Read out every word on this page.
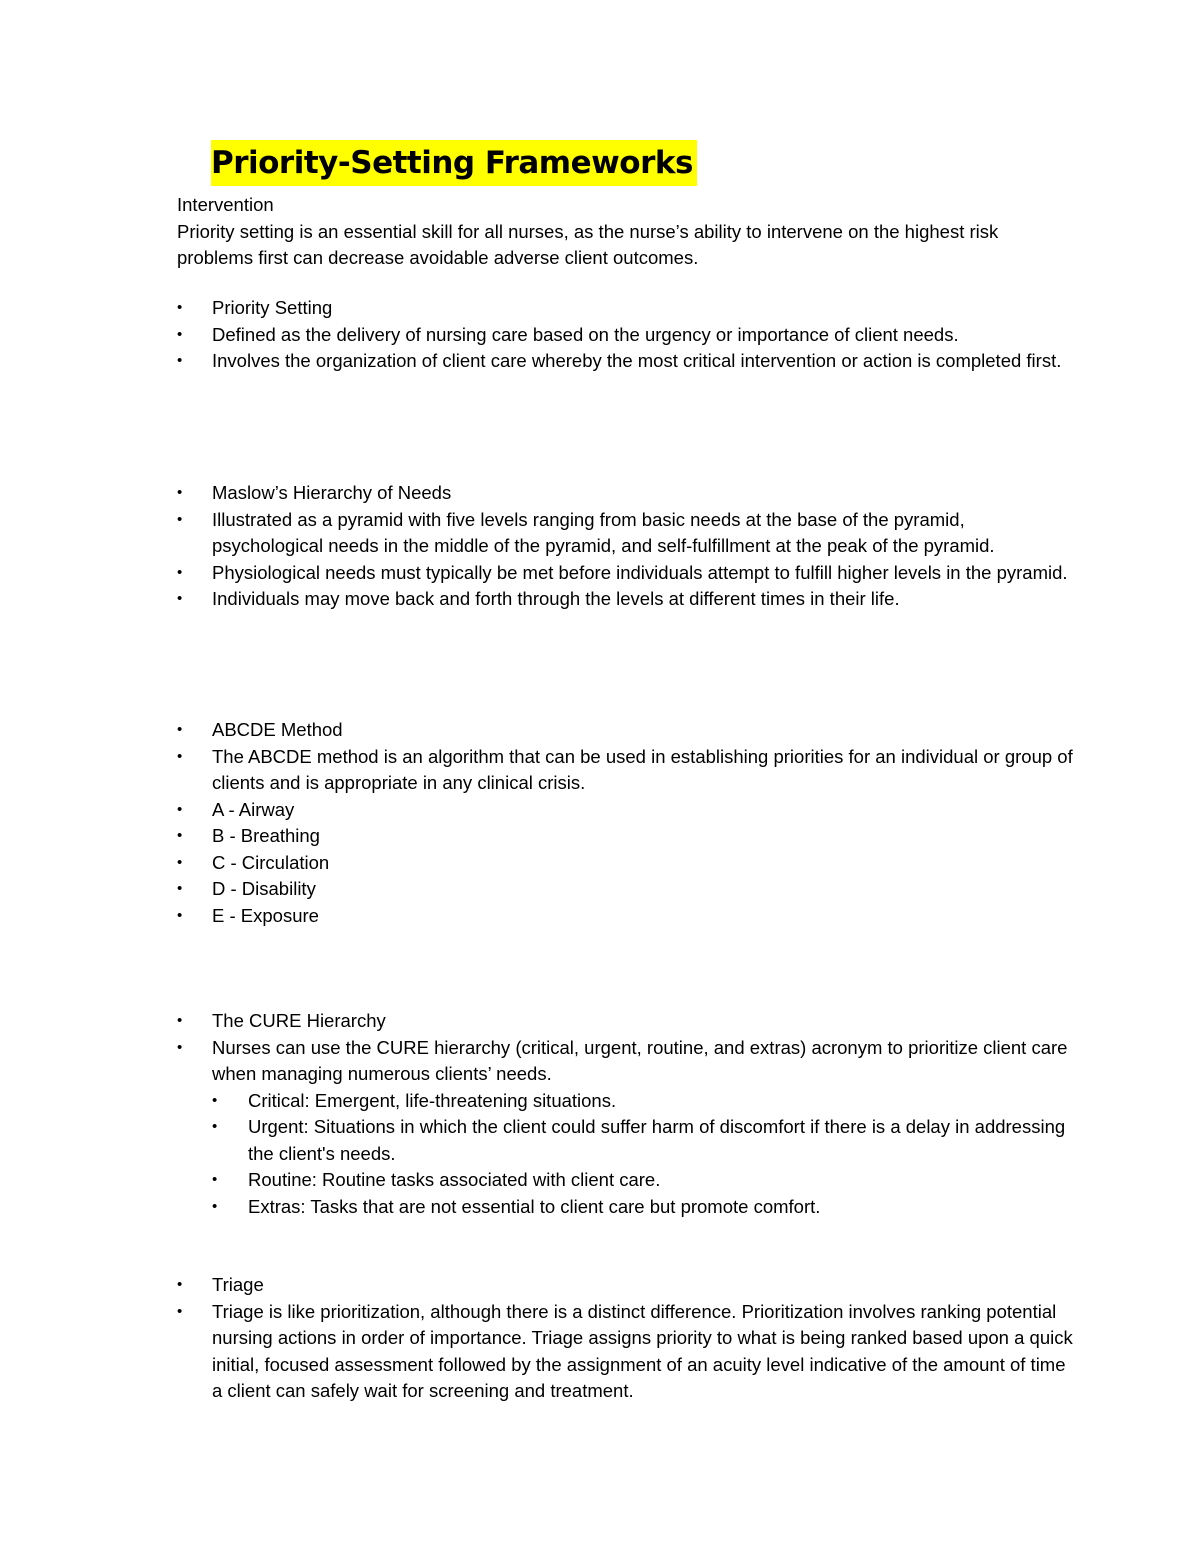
Priority-Setting Frameworks

Intervention

Priority setting is an essential skill for all nurses, as the nurse’s ability to intervene on the highest risk problems first can decrease avoidable adverse client outcomes.

• Priority Setting
• Defined as the delivery of nursing care based on the urgency or importance of client needs.
• Involves the organization of client care whereby the most critical intervention or action is completed first.
• Maslow’s Hierarchy of Needs
• Illustrated as a pyramid with five levels ranging from basic needs at the base of the pyramid, psychological needs in the middle of the pyramid, and self-fulfillment at the peak of the pyramid.
• Physiological needs must typically be met before individuals attempt to fulfill higher levels in the pyramid.
• Individuals may move back and forth through the levels at different times in their life.
• ABCDE Method
• The ABCDE method is an algorithm that can be used in establishing priorities for an individual or group of clients and is appropriate in any clinical crisis.
• A - Airway
• B - Breathing
• C - Circulation
• D - Disability
• E - Exposure
• The CURE Hierarchy
• Nurses can use the CURE hierarchy (critical, urgent, routine, and extras) acronym to prioritize client care when managing numerous clients’ needs.
• Critical: Emergent, life-threatening situations.
• Urgent: Situations in which the client could suffer harm of discomfort if there is a delay in addressing the client's needs.
• Routine: Routine tasks associated with client care.
• Extras: Tasks that are not essential to client care but promote comfort.
• Triage
• Triage is like prioritization, although there is a distinct difference. Prioritization involves ranking potential nursing actions in order of importance. Triage assigns priority to what is being ranked based upon a quick initial, focused assessment followed by the assignment of an acuity level indicative of the amount of time a client can safely wait for screening and treatment.
